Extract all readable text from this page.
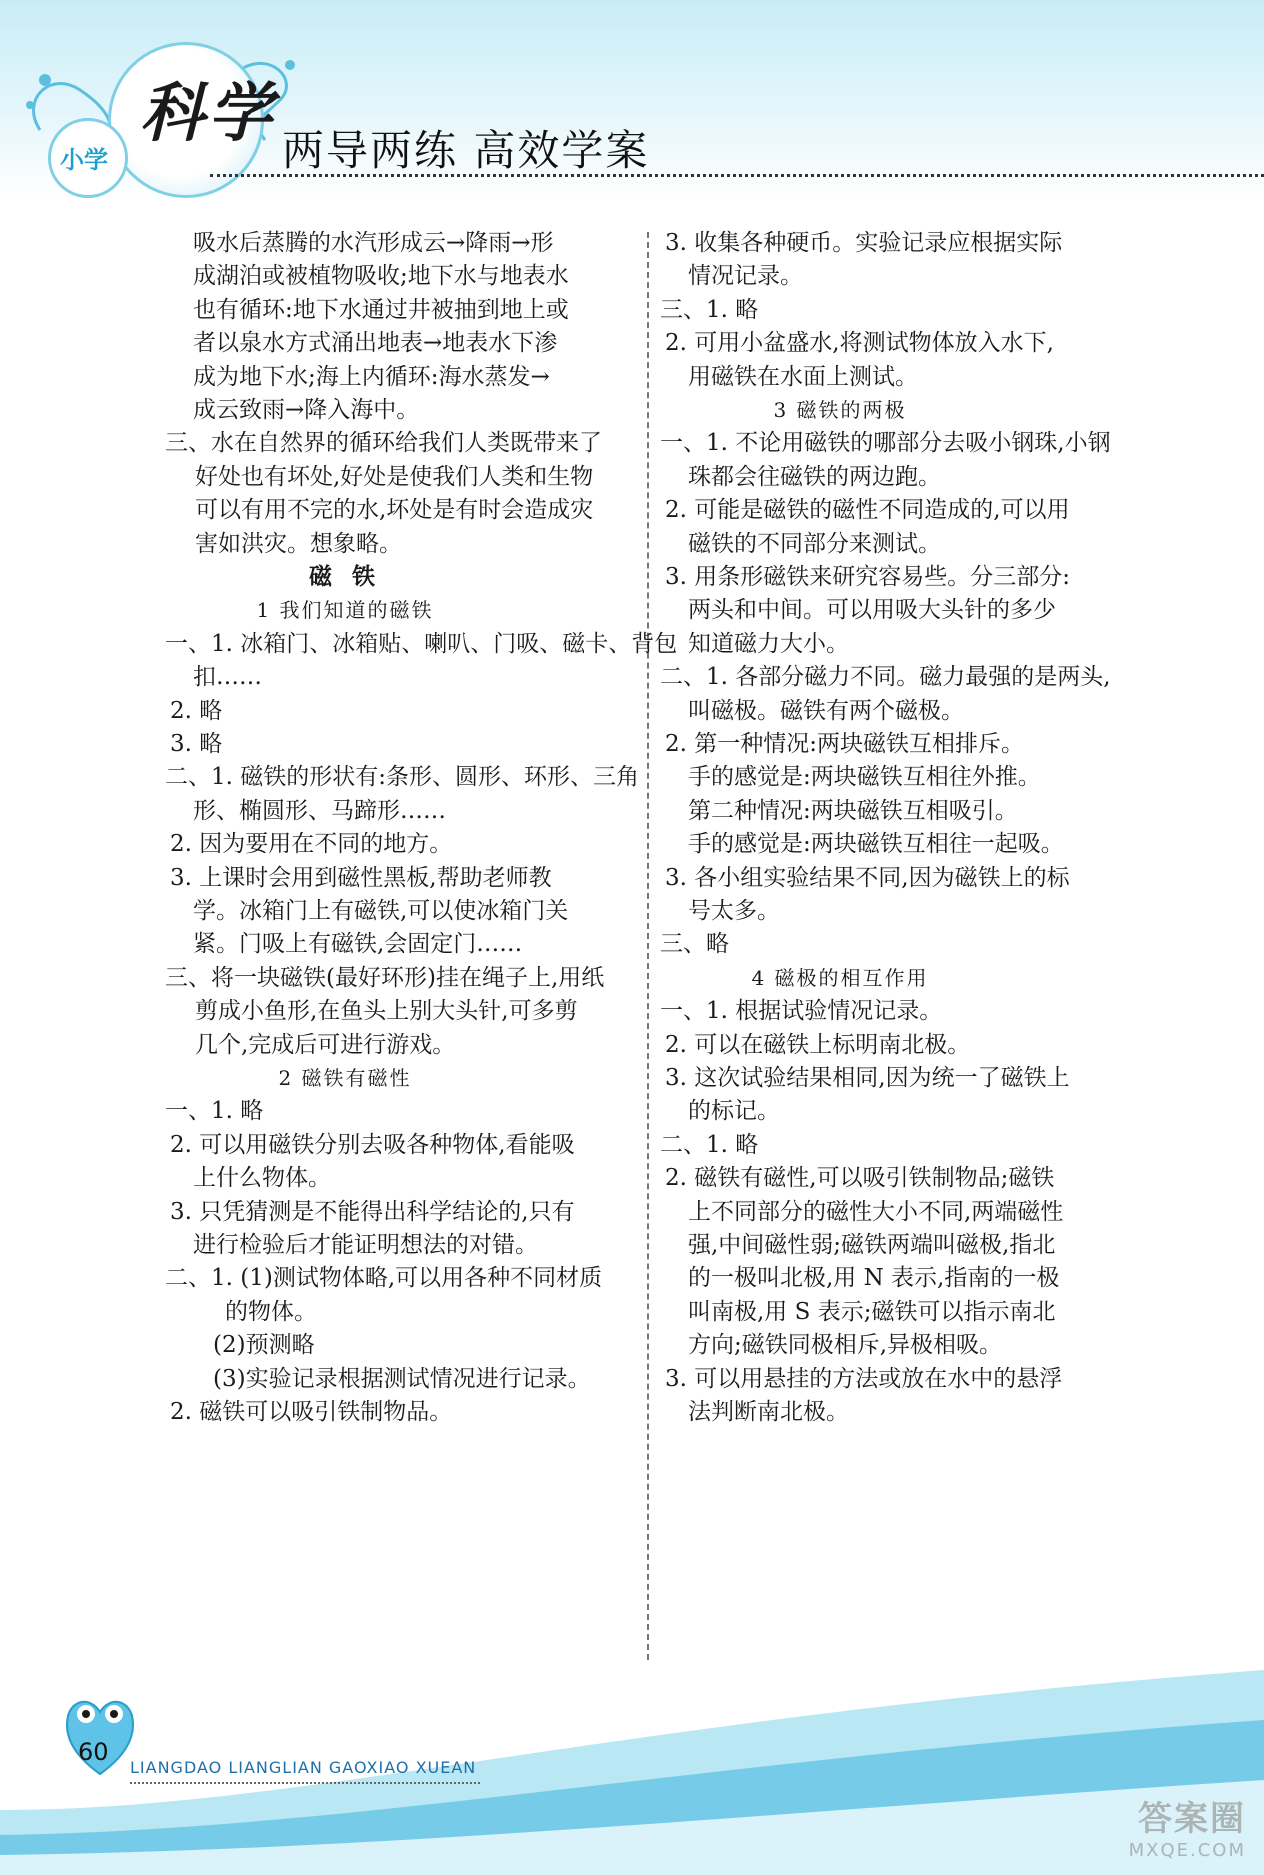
科学
小学	两导两练 高效学案
吸水后蒸腾的水汽形成云→降雨→形
成湖泊或被植物吸收;地下水与地表水
也有循环:地下水通过井被抽到地上或
者以泉水方式涌出地表→地表水下渗
成为地下水;海上内循环:海水蒸发→
成云致雨→降入海中。
三、水在自然界的循环给我们人类既带来了
好处也有坏处,好处是使我们人类和生物
可以有用不完的水,坏处是有时会造成灾
害如洪灾。想象略。
磁 铁
1 我们知道的磁铁
一、1. 冰箱门、冰箱贴、喇叭、门吸、磁卡、背包
扣……
2. 略
3. 略
二、1. 磁铁的形状有:条形、圆形、环形、三角
形、椭圆形、马蹄形……
2. 因为要用在不同的地方。
3. 上课时会用到磁性黑板,帮助老师教
学。冰箱门上有磁铁,可以使冰箱门关
紧。门吸上有磁铁,会固定门……
三、将一块磁铁(最好环形)挂在绳子上,用纸
剪成小鱼形,在鱼头上别大头针,可多剪
几个,完成后可进行游戏。
2 磁铁有磁性
一、1. 略
2. 可以用磁铁分别去吸各种物体,看能吸
上什么物体。
3. 只凭猜测是不能得出科学结论的,只有
进行检验后才能证明想法的对错。
二、1. (1)测试物体略,可以用各种不同材质
的物体。
(2)预测略
(3)实验记录根据测试情况进行记录。
2. 磁铁可以吸引铁制物品。
3. 收集各种硬币。实验记录应根据实际
情况记录。
三、1. 略
2. 可用小盆盛水,将测试物体放入水下,
用磁铁在水面上测试。
3 磁铁的两极
一、1. 不论用磁铁的哪部分去吸小钢珠,小钢
珠都会往磁铁的两边跑。
2. 可能是磁铁的磁性不同造成的,可以用
磁铁的不同部分来测试。
3. 用条形磁铁来研究容易些。分三部分:
两头和中间。可以用吸大头针的多少
知道磁力大小。
二、1. 各部分磁力不同。磁力最强的是两头,
叫磁极。磁铁有两个磁极。
2. 第一种情况:两块磁铁互相排斥。
手的感觉是:两块磁铁互相往外推。
第二种情况:两块磁铁互相吸引。
手的感觉是:两块磁铁互相往一起吸。
3. 各小组实验结果不同,因为磁铁上的标
号太多。
三、略
4 磁极的相互作用
一、1. 根据试验情况记录。
2. 可以在磁铁上标明南北极。
3. 这次试验结果相同,因为统一了磁铁上
的标记。
二、1. 略
2. 磁铁有磁性,可以吸引铁制物品;磁铁
上不同部分的磁性大小不同,两端磁性
强,中间磁性弱;磁铁两端叫磁极,指北
的一极叫北极,用 N 表示,指南的一极
叫南极,用 S 表示;磁铁可以指示南北
方向;磁铁同极相斥,异极相吸。
3. 可以用悬挂的方法或放在水中的悬浮
法判断南北极。
60
LIANGDAO LIANGLIAN GAOXIAO XUEAN
答案圈
MXQE.COM
